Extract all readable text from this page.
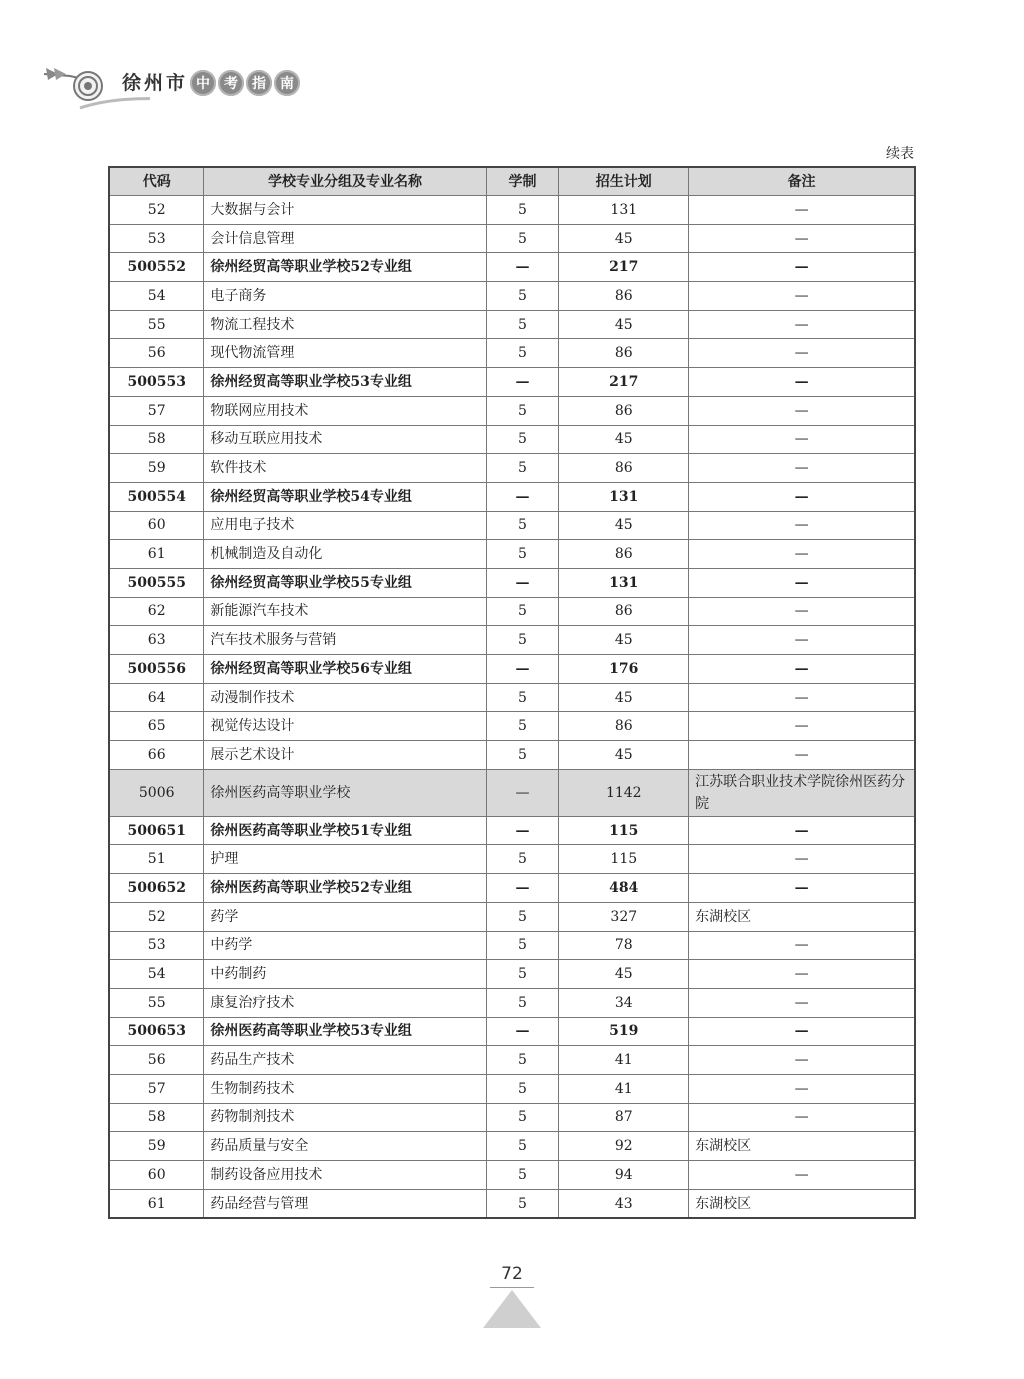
徐州市 中	考	指	南
续表
代码	学校专业分组及专业名称	学制	招生计划	备注
52	大数据与会计	5	131	—
53	会计信息管理	5	45	—
500552	徐州经贸高等职业学校52专业组	—	217	—
54	电子商务	5	86	—
55	物流工程技术	5	45	—
56	现代物流管理	5	86	—
500553	徐州经贸高等职业学校53专业组	—	217	—
57	物联网应用技术	5	86	—
58	移动互联应用技术	5	45	—
59	软件技术	5	86	—
500554	徐州经贸高等职业学校54专业组	—	131	—
60	应用电子技术	5	45	—
61	机械制造及自动化	5	86	—
500555	徐州经贸高等职业学校55专业组	—	131	—
62	新能源汽车技术	5	86	—
63	汽车技术服务与营销	5	45	—
500556	徐州经贸高等职业学校56专业组	—	176	—
64	动漫制作技术	5	45	—
65	视觉传达设计	5	86	—
66	展示艺术设计	5	45	—
5006	徐州医药高等职业学校	—	1142	江苏联合职业技术学院徐州医药分院
500651	徐州医药高等职业学校51专业组	—	115	—
51	护理	5	115	—
500652	徐州医药高等职业学校52专业组	—	484	—
52	药学	5	327	东湖校区
53	中药学	5	78	—
54	中药制药	5	45	—
55	康复治疗技术	5	34	—
500653	徐州医药高等职业学校53专业组	—	519	—
56	药品生产技术	5	41	—
57	生物制药技术	5	41	—
58	药物制剂技术	5	87	—
59	药品质量与安全	5	92	东湖校区
60	制药设备应用技术	5	94	—
61	药品经营与管理	5	43	东湖校区
72
